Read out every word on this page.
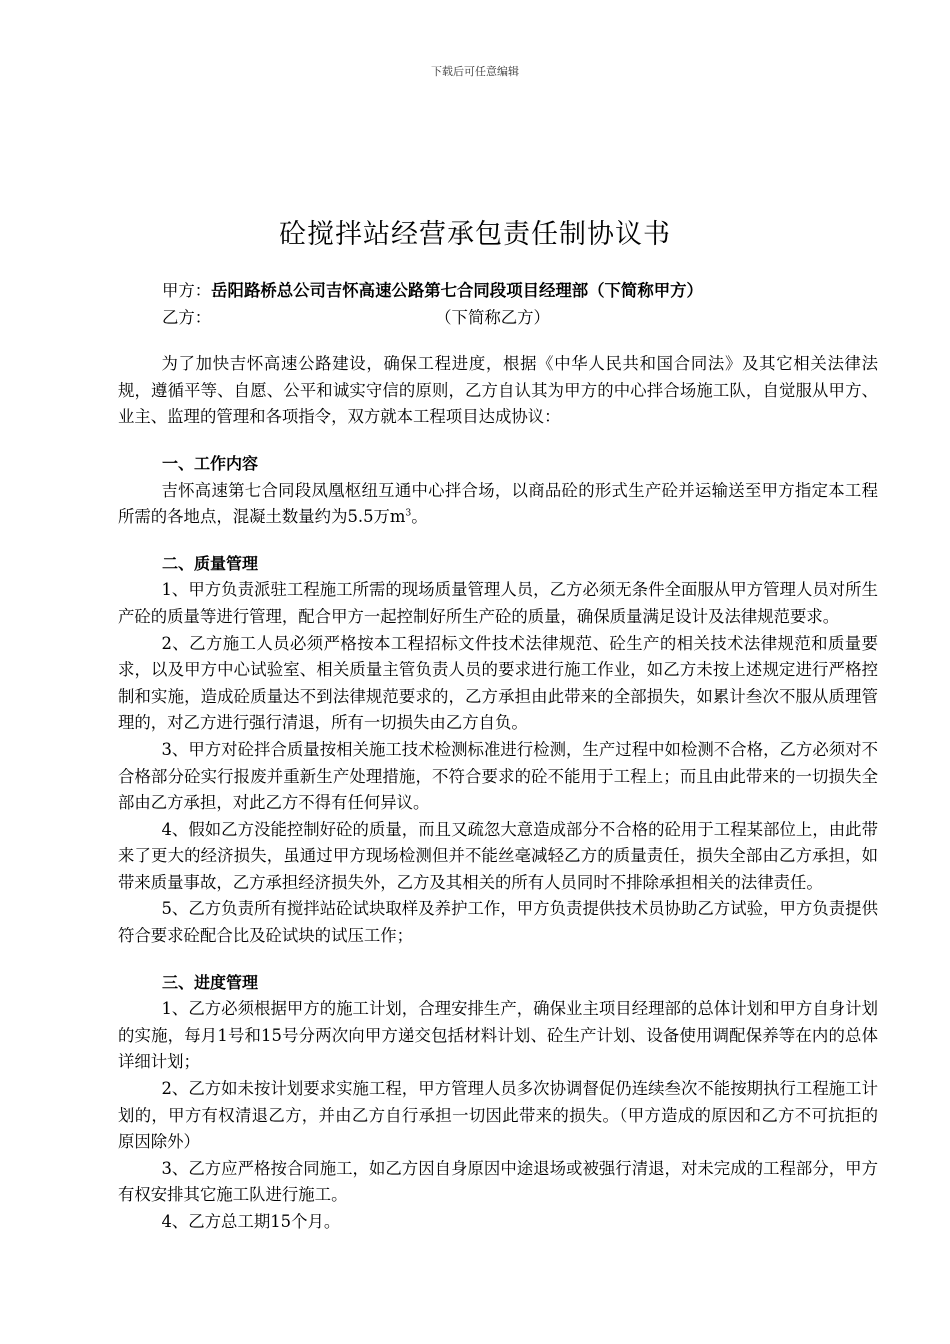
下载后可任意编辑
砼搅拌站经营承包责任制协议书
甲方：岳阳路桥总公司吉怀高速公路第七合同段项目经理部（下简称甲方）
乙方：	（下简称乙方）

为了加快吉怀高速公路建设，确保工程进度，根据《中华人民共和国合同法》及其它相关法律法规，遵循平等、自愿、公平和诚实守信的原则，乙方自认其为甲方的中心拌合场施工队，自觉服从甲方、业主、监理的管理和各项指令，双方就本工程项目达成协议：

一、工作内容

吉怀高速第七合同段凤凰枢纽互通中心拌合场，以商品砼的形式生产砼并运输送至甲方指定本工程所需的各地点，混凝土数量约为5.5万$m^3$。

二、质量管理

1、甲方负责派驻工程施工所需的现场质量管理人员，乙方必须无条件全面服从甲方管理人员对所生产砼的质量等进行管理，配合甲方一起控制好所生产砼的质量，确保质量满足设计及法律规范要求。

2、乙方施工人员必须严格按本工程招标文件技术法律规范、砼生产的相关技术法律规范和质量要求，以及甲方中心试验室、相关质量主管负责人员的要求进行施工作业，如乙方未按上述规定进行严格控制和实施，造成砼质量达不到法律规范要求的，乙方承担由此带来的全部损失，如累计叁次不服从质理管理的，对乙方进行强行清退，所有一切损失由乙方自负。

3、甲方对砼拌合质量按相关施工技术检测标准进行检测，生产过程中如检测不合格，乙方必须对不合格部分砼实行报废并重新生产处理措施，不符合要求的砼不能用于工程上；而且由此带来的一切损失全部由乙方承担，对此乙方不得有任何异议。

4、假如乙方没能控制好砼的质量，而且又疏忽大意造成部分不合格的砼用于工程某部位上，由此带来了更大的经济损失，虽通过甲方现场检测但并不能丝毫减轻乙方的质量责任，损失全部由乙方承担，如带来质量事故，乙方承担经济损失外，乙方及其相关的所有人员同时不排除承担相关的法律责任。

5、乙方负责所有搅拌站砼试块取样及养护工作，甲方负责提供技术员协助乙方试验，甲方负责提供符合要求砼配合比及砼试块的试压工作；

三、进度管理

1、乙方必须根据甲方的施工计划，合理安排生产，确保业主项目经理部的总体计划和甲方自身计划的实施，每月1号和15号分两次向甲方递交包括材料计划、砼生产计划、设备使用调配保养等在内的总体详细计划；

2、乙方如未按计划要求实施工程，甲方管理人员多次协调督促仍连续叁次不能按期执行工程施工计划的，甲方有权清退乙方，并由乙方自行承担一切因此带来的损失。（甲方造成的原因和乙方不可抗拒的原因除外）

3、乙方应严格按合同施工，如乙方因自身原因中途退场或被强行清退，对未完成的工程部分，甲方有权安排其它施工队进行施工。

4、乙方总工期15个月。
